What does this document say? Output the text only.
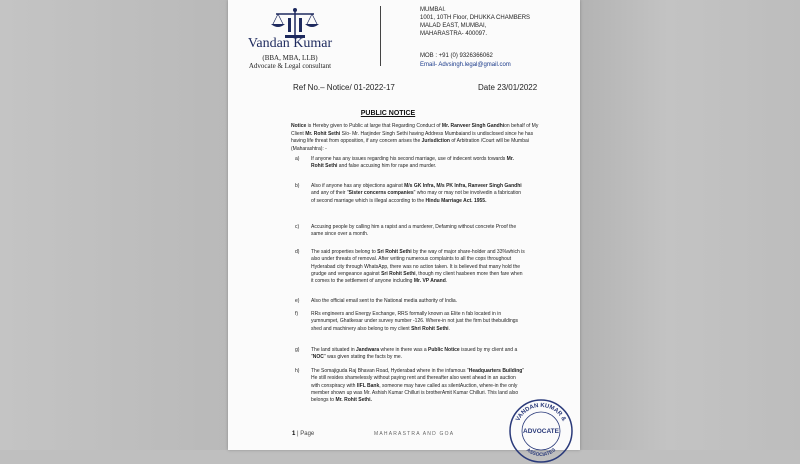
Vandan Kumar
(BBA, MBA, LLB)
Advocate & Legal consultant
MUMBAI.
1001, 10TH Floor, DHUKKA CHAMBERS
MALAD EAST, MUMBAI,
MAHARASTRA- 400097.
MOB : +91 (0) 9326366062
Email- Advsingh.legal@gmail.com
Ref No.– Notice/ 01-2022-17	Date 23/01/2022
PUBLIC NOTICE
Notice is Hereby given to Public at large that Regarding Conduct of Mr. Ranveer Singh Gandhion behalf of My Client Mr. Rohit Sethi S/o- Mr. Harjinder Singh Sethi having Address Mumbaiand is undisclosed since he has having life threat from opposition, if any concern arises the Jurisdiction of Arbitration /Court will be Mumbai (Maharashtra): -
a)	If anyone has any issues regarding his second marriage, use of indecent words towards Mr. Rohit Sethi and false accusing him for rape and murder.
b)	Also if anyone has any objections against M/s GK Infra, M/s PK Infra, Ranveer Singh Gandhi and any of their "Sister concerns companies" who may or may not be involvedin a fabrication of second marriage which is illegal according to the Hindu Marriage Act. 1955.
c)	Accusing people by calling him a rapist and a murderer, Defaming without concrete Proof the same since over a month.
d)	The said properties belong to Sri Rohit Sethi by the way of major share-holder and 33%which is also under threats of removal. After writing numerous complaints to all the cops throughout Hyderabad city through WhatsApp, there was no action taken. It is believed that many hold the grudge and vengeance against Sri Rohit Sethi, though my client hasbeen more then fare when it comes to the settlement of anyone including Mr. VP Anand.
e)	Also the official email sent to the National media authority of India.
f)	RRs engineers and Energy Exchange, RRS formally known as Elite n fab located in in yumnumpet, Ghatkesar under survey number -126. Where-in not just the firm but thebuildings shed and machinery also belong to my client Shri Rohit Sethi.
g)	The land situated in Jandwara where in there was a Public Notice issued by my client and a "NOC" was given stating the facts by me.
h)	The Somajiguda Raj Bhavan Road, Hyderabad where in the infamous "Headquarters Building" He still resides shamelessly without paying rent and thereafter also went ahead in an auction with conspiracy with IIFL Bank, someone may have called as silentAuction, where-in the only member shown up was Mr. Ashish Kumar Chilluri is brotherAmit Kumar Chilluri. This land also belongs to Mr. Rohit Sethi.
1 | Page	MAHARASTRA AND GOA
VANDAN KUMAR &
ADVOCATE
ASSOCIATES
